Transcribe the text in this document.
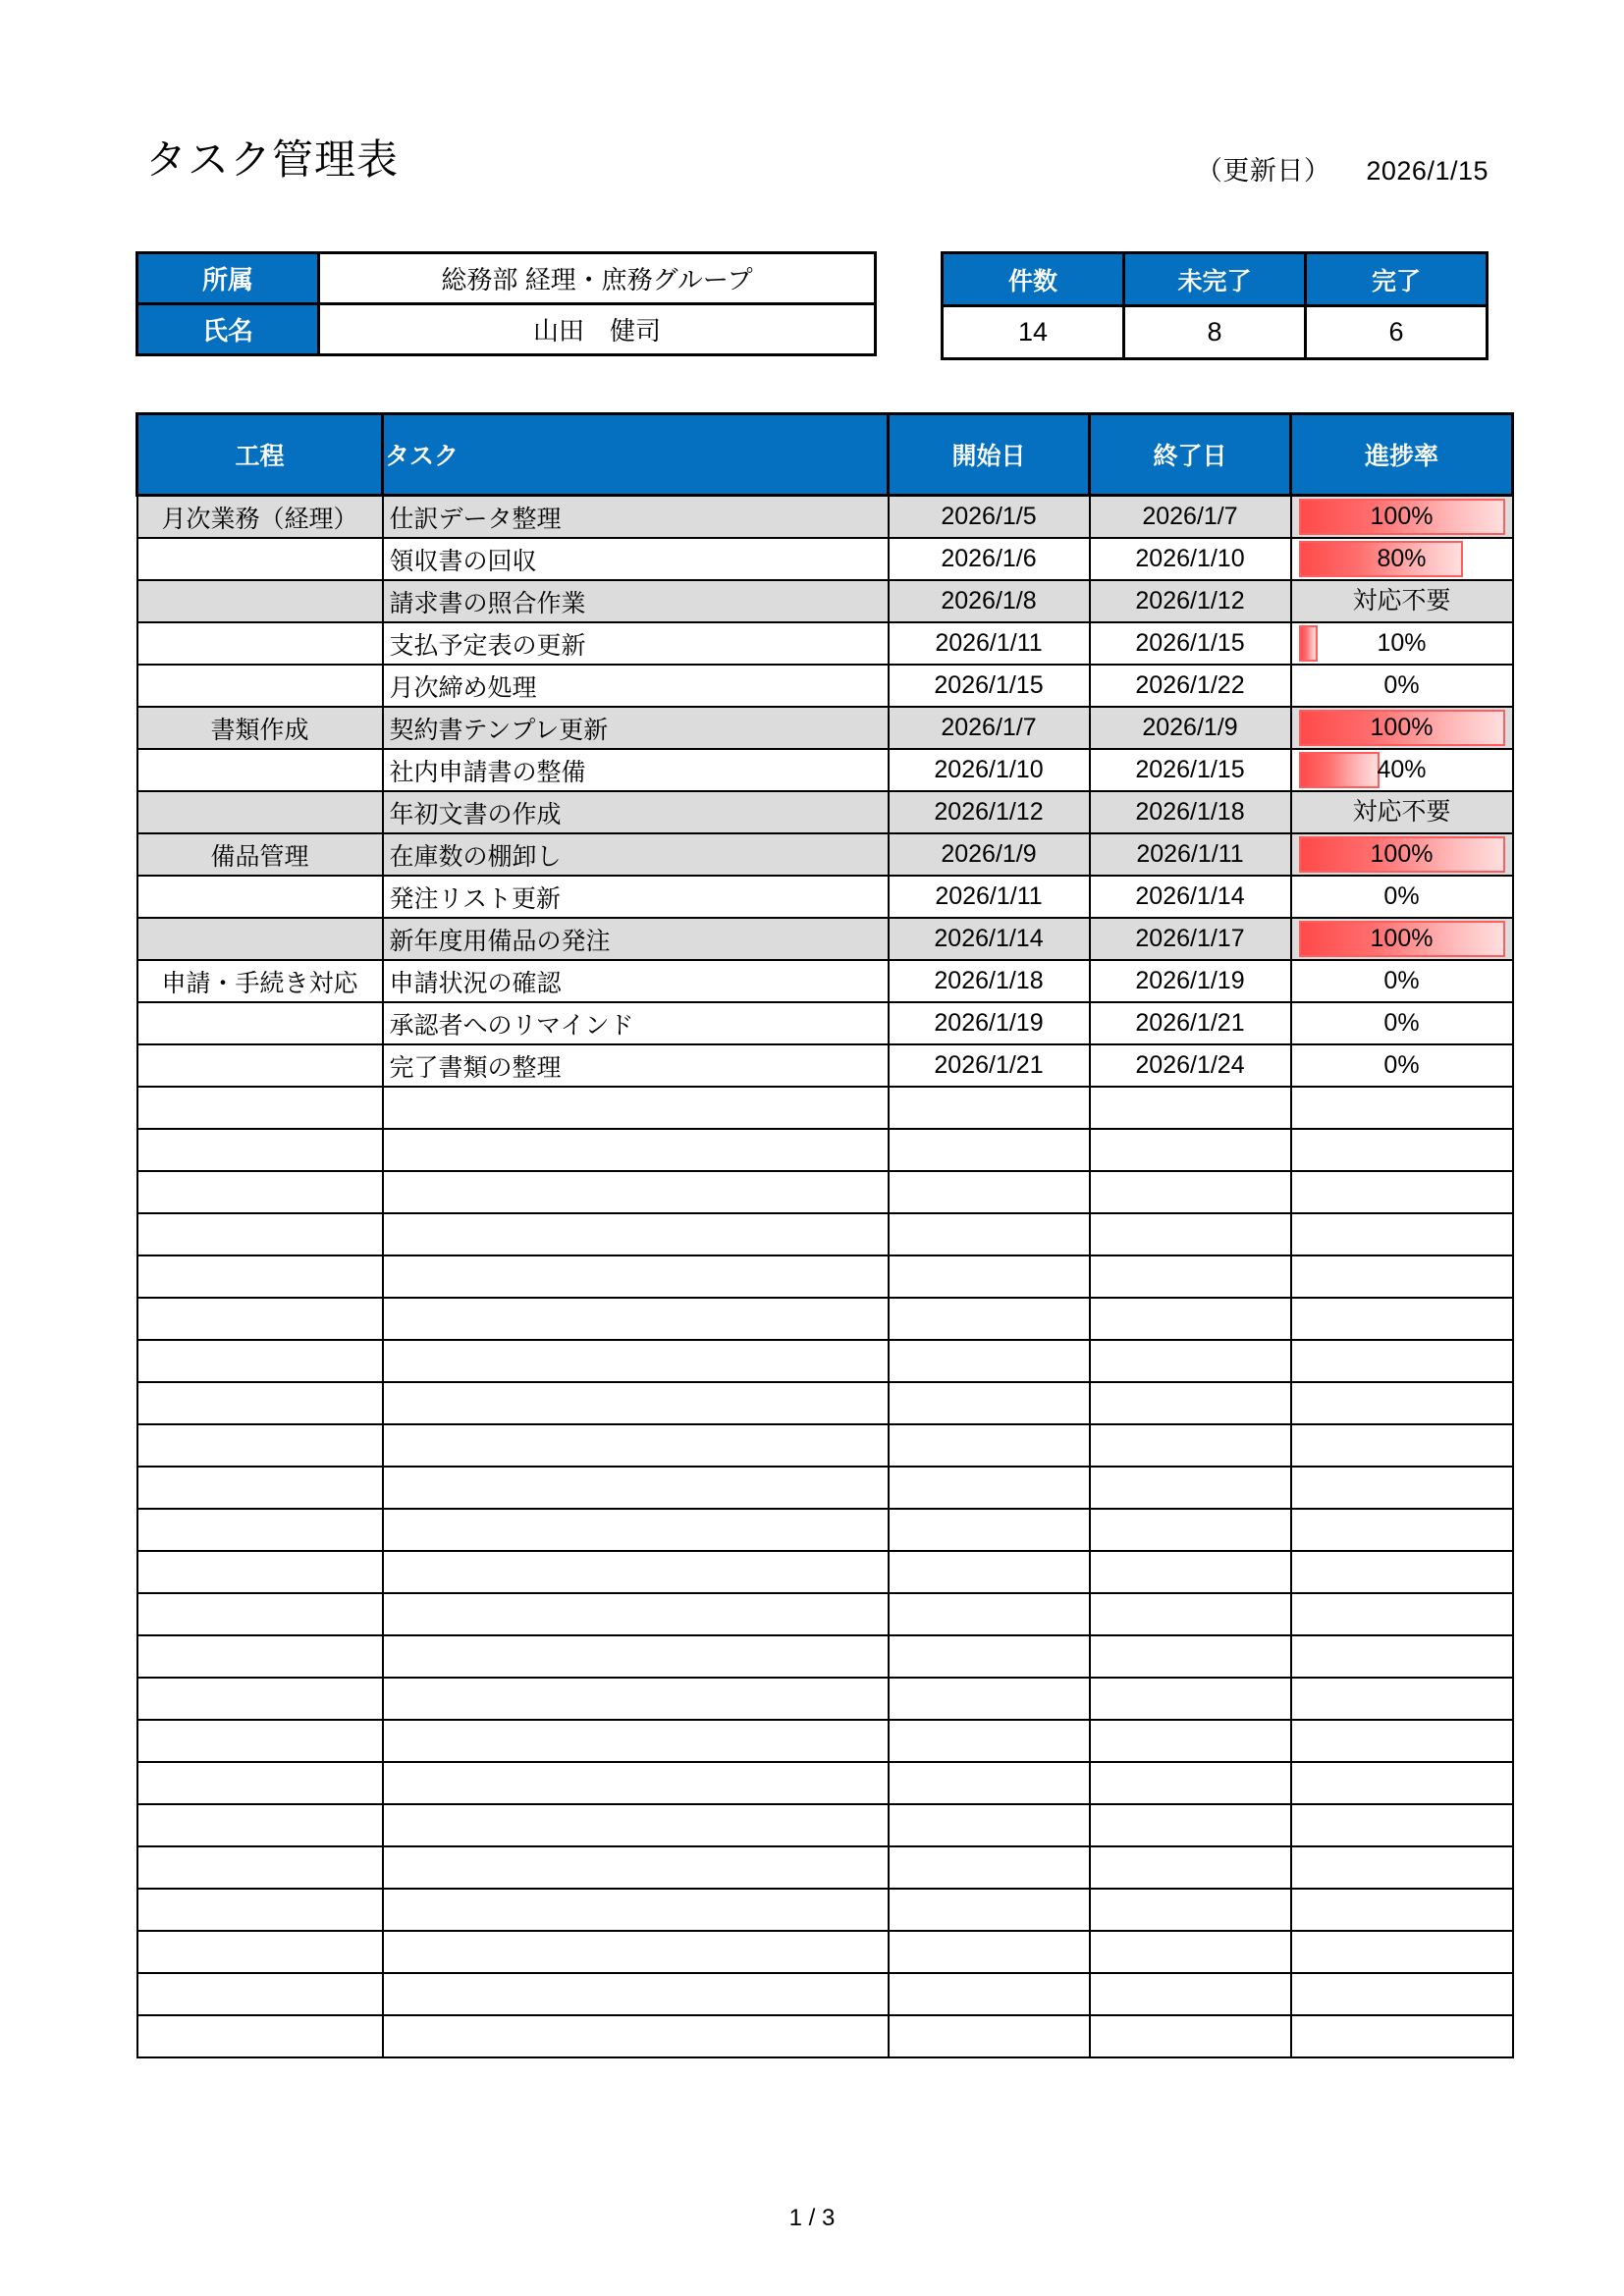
タスク管理表	（更新日） 2026/1/15
所属	総務部 経理・庶務グループ
氏名	山田　健司
件数	未完了	完了
14	8	6
工程	タスク	開始日	終了日	進捗率
月次業務（経理）	仕訳データ整理	2026/1/5	2026/1/7	100%

	領収書の回収	2026/1/6	2026/1/10	80%

	請求書の照合作業	2026/1/8	2026/1/12	対応不要

	支払予定表の更新	2026/1/11	2026/1/15	10%

	月次締め処理	2026/1/15	2026/1/22	0%

書類作成	契約書テンプレ更新	2026/1/7	2026/1/9	100%

	社内申請書の整備	2026/1/10	2026/1/15	40%

	年初文書の作成	2026/1/12	2026/1/18	対応不要

備品管理	在庫数の棚卸し	2026/1/9	2026/1/11	100%

	発注リスト更新	2026/1/11	2026/1/14	0%

	新年度用備品の発注	2026/1/14	2026/1/17	100%

申請・手続き対応	申請状況の確認	2026/1/18	2026/1/19	0%

	承認者へのリマインド	2026/1/19	2026/1/21	0%

	完了書類の整理	2026/1/21	2026/1/24	0%

1 / 3
